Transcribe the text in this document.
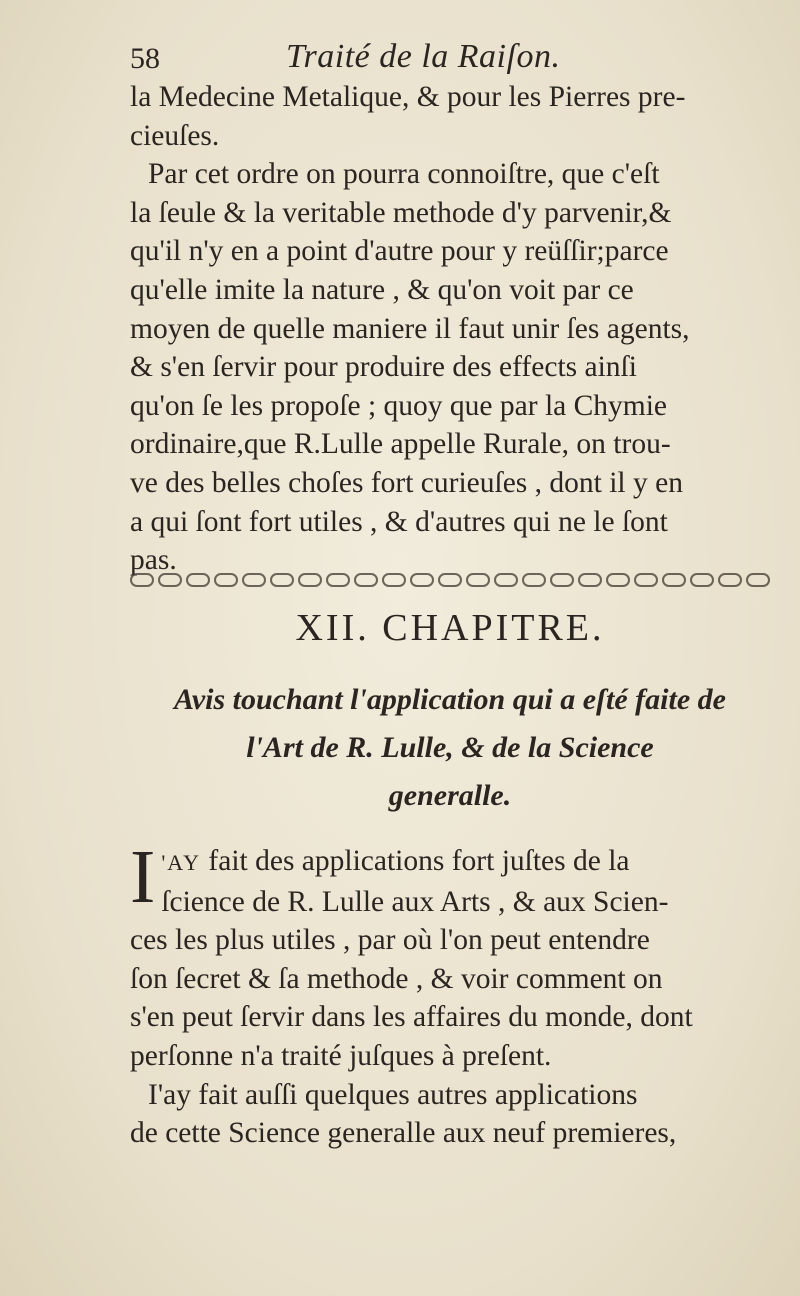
58	Traité de la Raiſon.
la Medecine Metalique, & pour les Pierres pre-
cieuſes.
Par cet ordre on pourra connoiſtre, que c'eſt
la ſeule & la veritable methode d'y parvenir,&
qu'il n'y en a point d'autre pour y reüſſir;parce
qu'elle imite la nature , & qu'on voit par ce
moyen de quelle maniere il faut unir ſes agents,
& s'en ſervir pour produire des effects ainſi
qu'on ſe les propoſe ; quoy que par la Chymie
ordinaire,que R.Lulle appelle Rurale, on trou-
ve des belles choſes fort curieuſes , dont il y en
a qui ſont fort utiles , & d'autres qui ne le ſont
pas.
XII. CHAPITRE.
Avis touchant l'application qui a eſté faite de
l'Art de R. Lulle, & de la Science
generalle.
I 'AY fait des applications fort juſtes de la
ſcience de R. Lulle aux Arts , & aux Scien-
ces les plus utiles , par où l'on peut entendre
ſon ſecret & ſa methode , & voir comment on
s'en peut ſervir dans les affaires du monde, dont
perſonne n'a traité juſques à preſent.
I'ay fait auſſi quelques autres applications
de cette Science generalle aux neuf premieres,
